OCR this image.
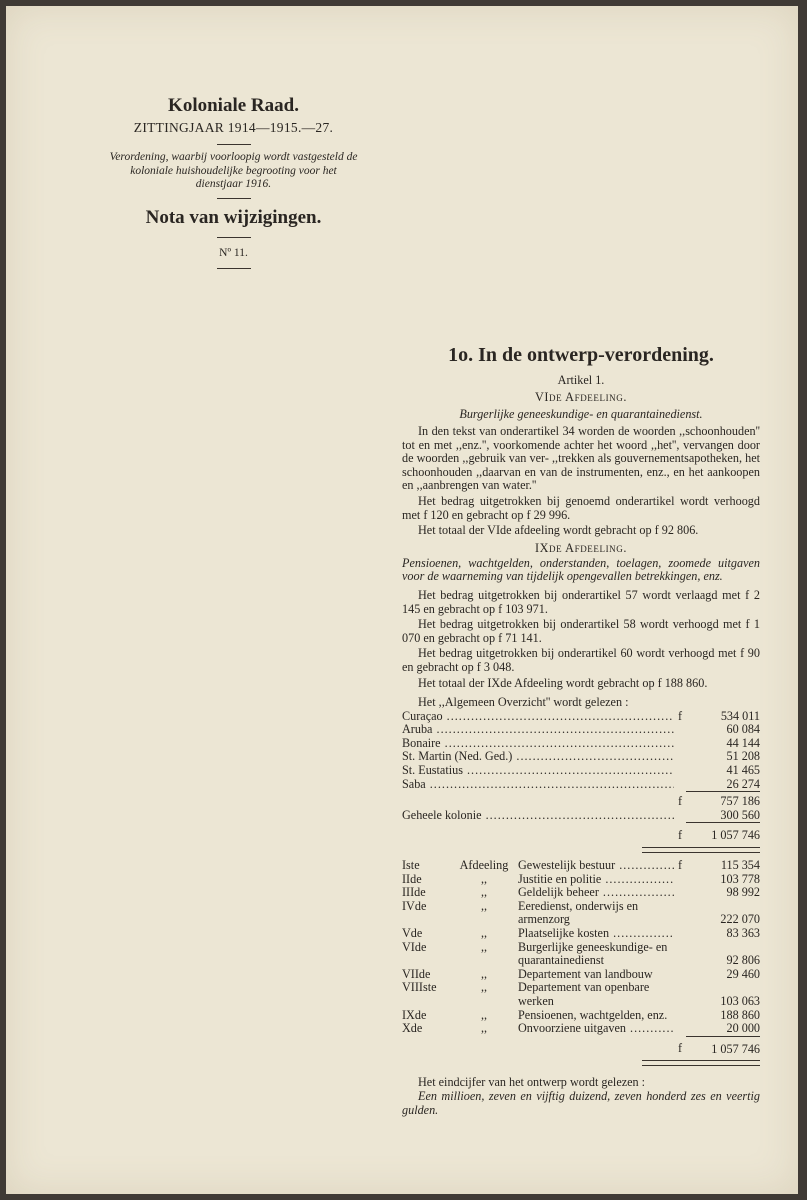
Koloniale Raad.
ZITTINGJAAR 1914—1915.—27.
Verordening, waarbij voorloopig wordt vastgesteld de koloniale huishoudelijke begrooting voor het dienstjaar 1916.
Nota van wijzigingen.
Nº 11.
1o. In de ontwerp-verordening.
Artikel 1.
VIde Afdeeling.
Burgerlijke geneeskundige- en quarantainedienst.

In den tekst van onderartikel 34 worden de woorden ,,schoonhouden'' tot en met ,,enz.'', voorkomende achter het woord ,,het'', vervangen door de woorden ,,gebruik van ver- ,,trekken als gouvernementsapotheken, het schoonhouden ,,daarvan en van de instrumenten, enz., en het aankoopen en ,,aanbrengen van water.''

Het bedrag uitgetrokken bij genoemd onderartikel wordt verhoogd met f 120 en gebracht op f 29 996.

Het totaal der VIde afdeeling wordt gebracht op f 92 806.

IXde Afdeeling.
Pensioenen, wachtgelden, onderstanden, toelagen, zoomede uitgaven voor de waarneming van tijdelijk opengevallen betrekkingen, enz.

Het bedrag uitgetrokken bij onderartikel 57 wordt verlaagd met f 2 145 en gebracht op f 103 971.

Het bedrag uitgetrokken bij onderartikel 58 wordt verhoogd met f 1 070 en gebracht op f 71 141.

Het bedrag uitgetrokken bij onderartikel 60 wordt verhoogd met f 90 en gebracht op f 3 048.

Het totaal der IXde Afdeeling wordt gebracht op f 188 860.

Het ,,Algemeen Overzicht'' wordt gelezen :

Curaçao .....	f	534 011
Aruba .....		60 084
Bonaire .....		44 144
St. Martin (Ned. Ged.) .....		51 208
St. Eustatius .....		41 465
Saba .....		26 274
	f	757 186
Geheele kolonie .....		300 560
	f	1 057 746
Iste	Afdeeling	Gewestelijk bestuur .....	f	115 354
IIde	,,	Justitie en politie .....		103 778
IIIde	,,	Geldelijk beheer .....		98 992
IVde	,,	Eeredienst, onderwijs en armenzorg		222 070
Vde	,,	Plaatselijke kosten .....		83 363
VIde	,,	Burgerlijke geneeskundige- en quarantainedienst		92 806
VIIde	,,	Departement van landbouw		29 460
VIIIste	,,	Departement van openbare werken		103 063
IXde	,,	Pensioenen, wachtgelden, enz.		188 860
Xde	,,	Onvoorziene uitgaven .....		20 000
			f	1 057 746

Het eindcijfer van het ontwerp wordt gelezen :

Een millioen, zeven en vijftig duizend, zeven honderd zes en veertig gulden.
